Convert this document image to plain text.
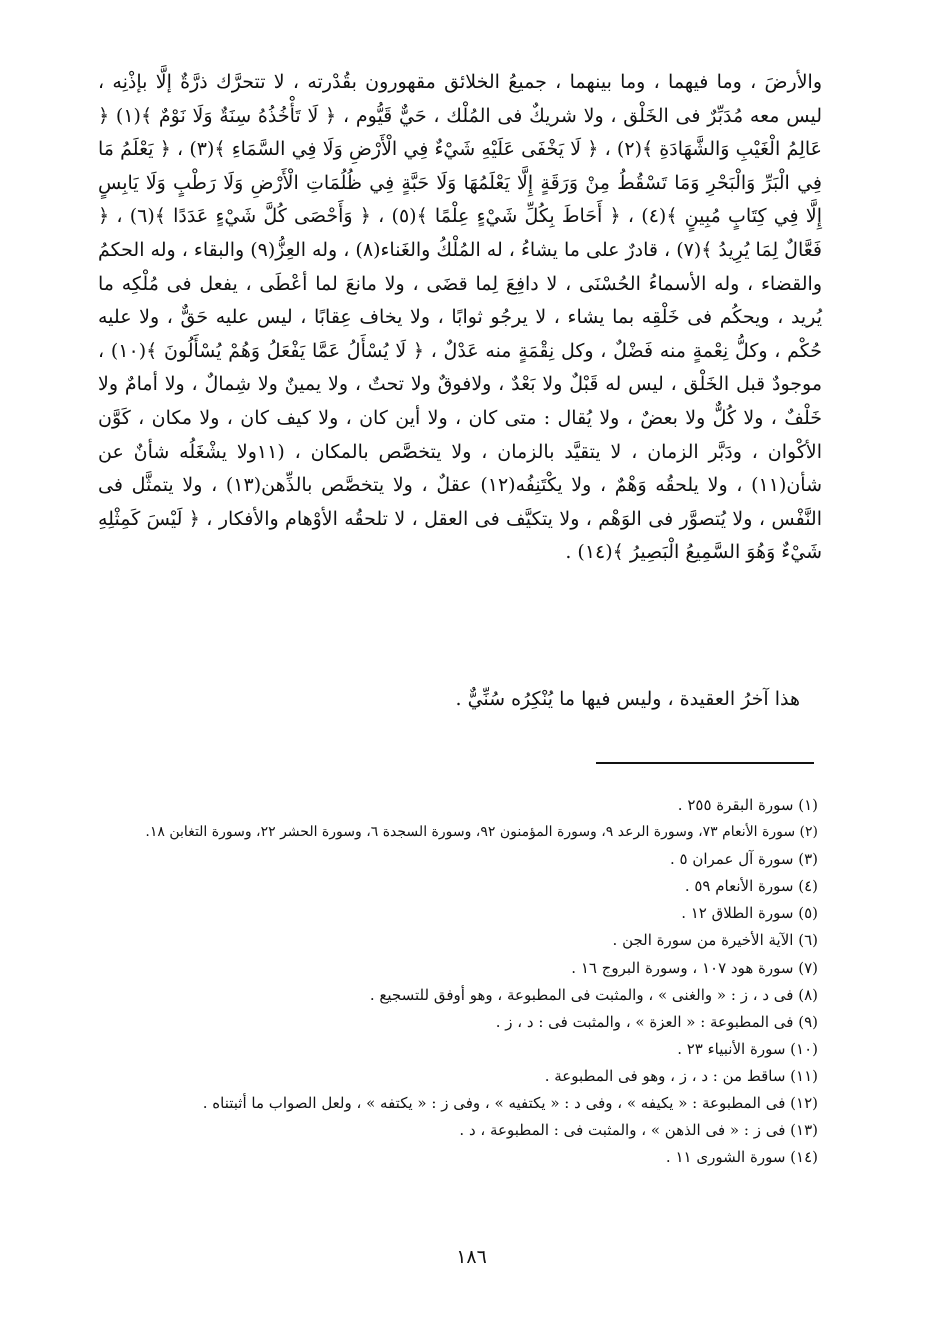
والأرضَ ، وما فيهما ، وما بينهما ، جميعُ الخلائق مقهورون بقُدْرته ، لا تتحرَّك ذرَّةٌ إلَّا بإذْنِه ، ليس معه مُدَبِّرٌ فى الخَلْق ، ولا شريكٌ فى المُلْك ، حَيٌّ قَيُّوم ، ﴿ لَا تَأْخُذُهُ سِنَةٌ وَلَا نَوْمٌ ﴾(١) ﴿ عَالِمُ الْغَيْبِ وَالشَّهَادَةِ ﴾(٢) ، ﴿ لَا يَخْفَى عَلَيْهِ شَيْءٌ فِي الْأَرْضِ وَلَا فِي السَّمَاءِ ﴾(٣) ، ﴿ يَعْلَمُ مَا فِي الْبَرِّ وَالْبَحْرِ وَمَا تَسْقُطُ مِنْ وَرَقَةٍ إِلَّا يَعْلَمُهَا وَلَا حَبَّةٍ فِي ظُلُمَاتِ الْأَرْضِ وَلَا رَطْبٍ وَلَا يَابِسٍ إِلَّا فِي كِتَابٍ مُبِينٍ ﴾(٤) ، ﴿ أَحَاطَ بِكُلِّ شَيْءٍ عِلْمًا ﴾(٥) ، ﴿ وَأَحْصَى كُلَّ شَيْءٍ عَدَدًا ﴾(٦) ، ﴿ فَعَّالٌ لِمَا يُرِيدُ ﴾(٧) ، قادرٌ على ما يشاءُ ، له المُلْكُ والغَناء(٨) ، وله العِزُّ(٩) والبقاء ، وله الحكمُ والقضاء ، وله الأسماءُ الحُسْنَى ، لا دافِعَ لِما قضَى ، ولا مانعَ لما أعْطَى ، يفعل فى مُلْكِه ما يُريد ، ويحكُم فى خَلْقِه بما يشاء ، لا يرجُو ثوابًا ، ولا يخاف عِقابًا ، ليس عليه حَقٌّ ، ولا عليه حُكْم ، وكلُّ نِعْمةٍ منه فَضْلٌ ، وكل نِقْمَةٍ منه عَدْلٌ ، ﴿ لَا يُسْأَلُ عَمَّا يَفْعَلُ وَهُمْ يُسْأَلُونَ ﴾(١٠) ، موجودٌ قبل الخَلْق ، ليس له قَبْلٌ ولا بَعْدٌ ، ولافوقٌ ولا تحتٌ ، ولا يمينٌ ولا شِمالٌ ، ولا أمامٌ ولا خَلْفٌ ، ولا كُلٌّ ولا بعضٌ ، ولا يُقال : متى كان ، ولا أين كان ، ولا كيف كان ، ولا مكان ، كَوَّن الأكْوان ، ودَبَّر الزمان ، لا يتقيَّد بالزمان ، ولا يتخصَّص بالمكان ، (١١ولا يشْغَلُه شأنٌ عن شأن(١١) ، ولا يلحقُه وَهْمٌ ، ولا يكْتَنِفُه(١٢) عقلٌ ، ولا يتخصَّص بالذِّهن(١٣) ، ولا يتمثَّل فى النَّفْس ، ولا يُتصوَّر فى الوَهْم ، ولا يتكيَّف فى العقل ، لا تلحقُه الأوْهام والأفكار ، ﴿ لَيْسَ كَمِثْلِهِ شَيْءٌ وَهُوَ السَّمِيعُ الْبَصِيرُ ﴾(١٤) .

هذا آخرُ العقيدة ، وليس فيها ما يُنْكِرُه سُنِّيٌّ .
(١) سورة البقرة ٢٥٥ .
(٢) سورة الأنعام ٧٣، وسورة الرعد ٩، وسورة المؤمنون ٩٢، وسورة السجدة ٦، وسورة الحشر ٢٢، وسورة التغابن ١٨.
(٣) سورة آل عمران ٥ .
(٤) سورة الأنعام ٥٩ .
(٥) سورة الطلاق ١٢ .
(٦) الآية الأخيرة من سورة الجن .
(٧) سورة هود ١٠٧ ، وسورة البروج ١٦ .
(٨) فى د ، ز : « والغنى » ، والمثبت فى المطبوعة ، وهو أوفق للتسجيع .
(٩) فى المطبوعة : « العزة » ، والمثبت فى : د ، ز .
(١٠) سورة الأنبياء ٢٣ .
(١١) ساقط من : د ، ز ، وهو فى المطبوعة .
(١٢) فى المطبوعة : « يكيفه » ، وفى د : « يكتفيه » ، وفى ز : « يكتفه » ، ولعل الصواب ما أثبتناه .
(١٣) فى ز : « فى الذهن » ، والمثبت فى : المطبوعة ، د .
(١٤) سورة الشورى ١١ .
١٨٦
